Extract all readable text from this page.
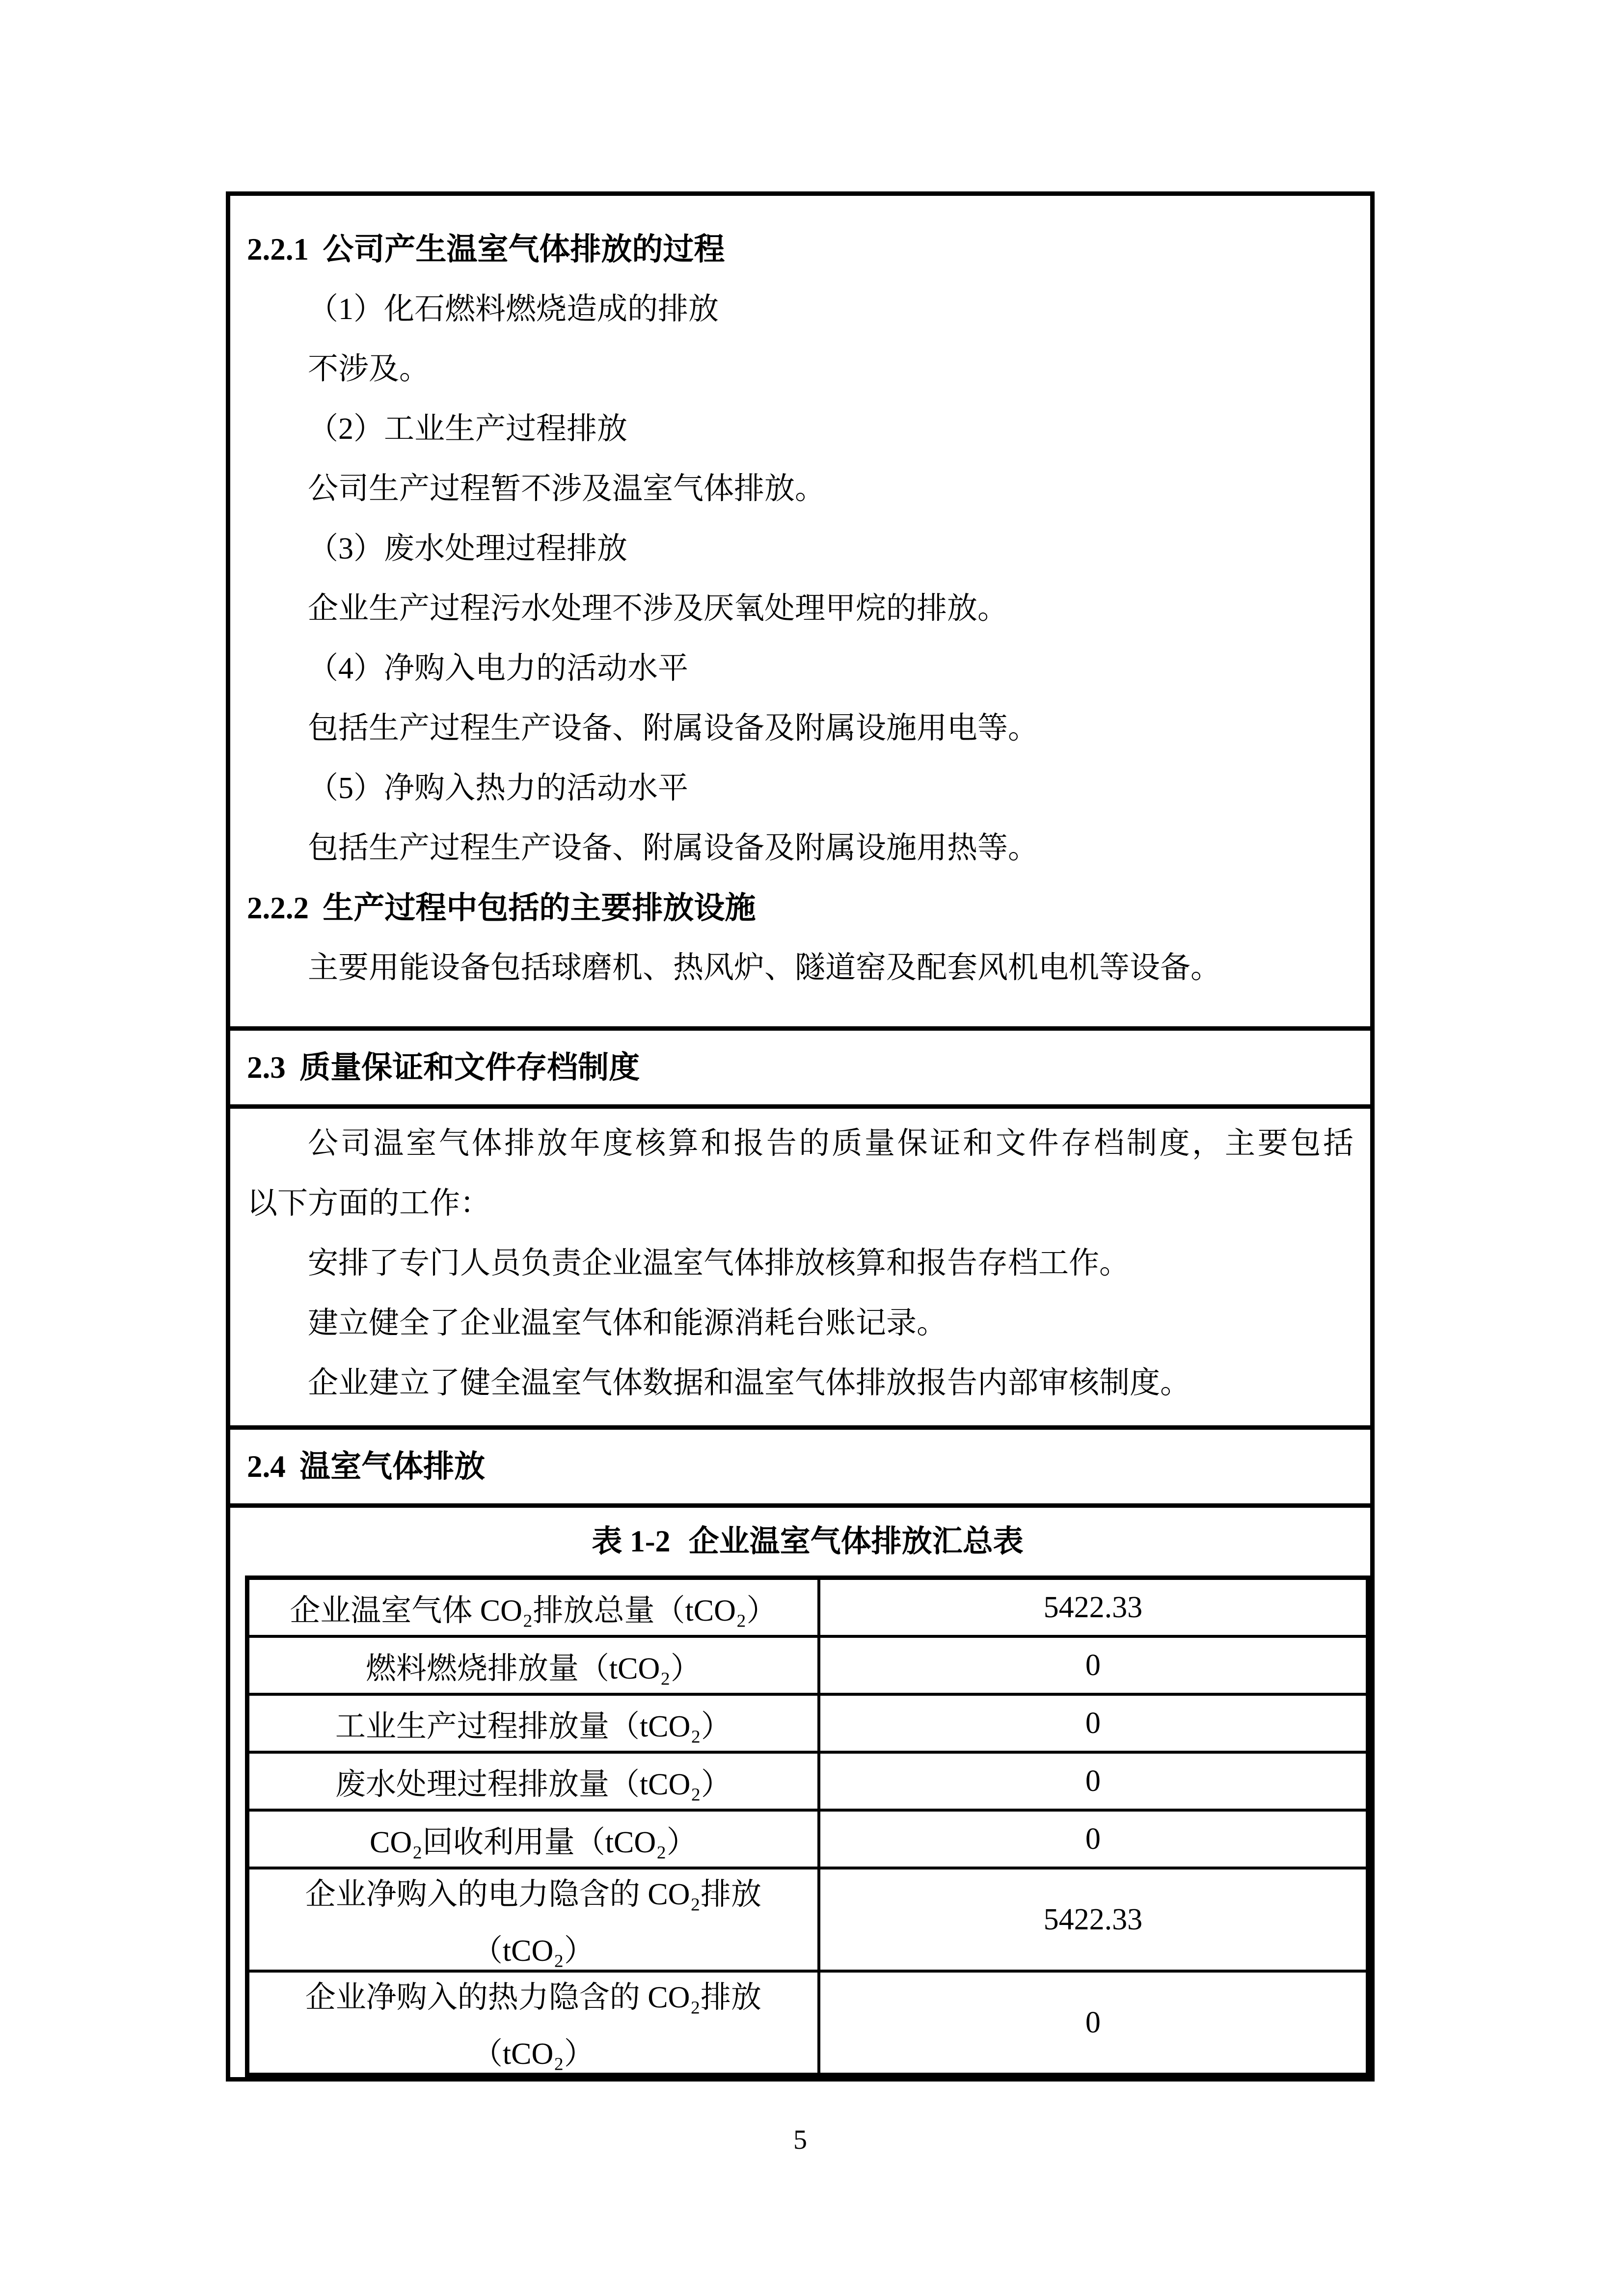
2.2.1 公司产生温室气体排放的过程

（1）化石燃料燃烧造成的排放

不涉及。

（2）工业生产过程排放

公司生产过程暂不涉及温室气体排放。

（3）废水处理过程排放

企业生产过程污水处理不涉及厌氧处理甲烷的排放。

（4）净购入电力的活动水平

包括生产过程生产设备、附属设备及附属设施用电等。

（5）净购入热力的活动水平

包括生产过程生产设备、附属设备及附属设施用热等。

2.2.2 生产过程中包括的主要排放设施

主要用能设备包括球磨机、热风炉、隧道窑及配套风机电机等设备。

2.3 质量保证和文件存档制度

公司温室气体排放年度核算和报告的质量保证和文件存档制度，主要包括

以下方面的工作：

安排了专门人员负责企业温室气体排放核算和报告存档工作。

建立健全了企业温室气体和能源消耗台账记录。

企业建立了健全温室气体数据和温室气体排放报告内部审核制度。

2.4 温室气体排放

表 1-2 企业温室气体排放汇总表

企业温室气体 CO₂排放总量（tCO₂）	5422.33
燃料燃烧排放量（tCO₂）	0
工业生产过程排放量（tCO₂）	0
废水处理过程排放量（tCO₂）	0
CO₂回收利用量（tCO₂）	0
企业净购入的电力隐含的 CO₂排放
（tCO₂）	5422.33
企业净购入的热力隐含的 CO₂排放
（tCO₂）	0
5
